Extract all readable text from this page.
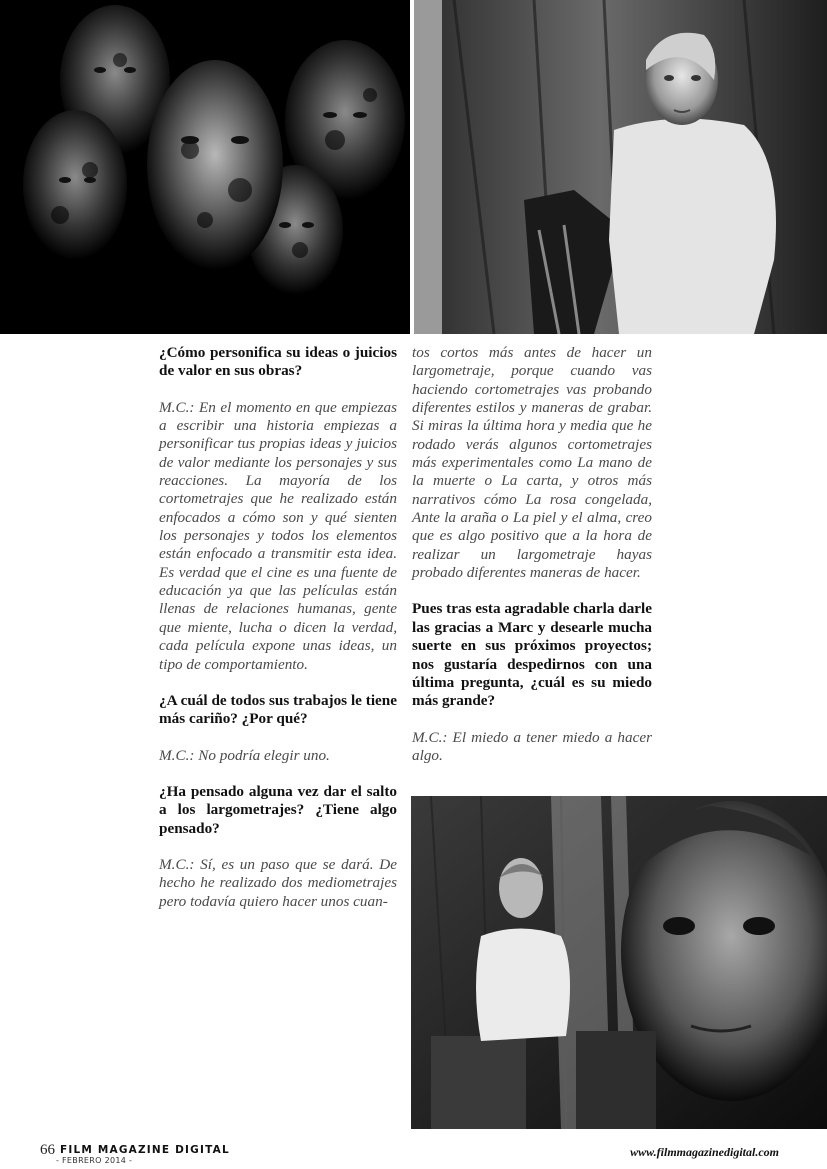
¿Cómo personifica su ideas o juicios de valor en sus obras?

M.C.: En el momento en que empiezas a escribir una historia empiezas a personificar tus propias ideas y juicios de valor mediante los personajes y sus reacciones. La mayoría de los cortometrajes que he realizado están enfocados a cómo son y qué sienten los personajes y todos los elementos están enfocado a transmitir esta idea. Es verdad que el cine es una fuente de educación ya que las películas están llenas de relaciones humanas, gente que miente, lucha o dicen la verdad, cada película expone unas ideas, un tipo de comportamiento.

¿A cuál de todos sus trabajos le tiene más cariño? ¿Por qué?

M.C.: No podría elegir uno.

¿Ha pensado alguna vez dar el salto a los largometrajes? ¿Tiene algo pensado?

M.C.: Sí, es un paso que se dará. De hecho he realizado dos mediometrajes pero todavía quiero hacer unos cuan-

tos cortos más antes de hacer un largometraje, porque cuando vas haciendo cortometrajes vas probando diferentes estilos y maneras de grabar. Si miras la última hora y media que he rodado verás algunos cortometrajes más experimentales como La mano de la muerte o La carta, y otros más narrativos cómo La rosa congelada, Ante la araña o La piel y el alma, creo que es algo positivo que a la hora de realizar un largometraje hayas probado diferentes maneras de hacer.

Pues tras esta agradable charla darle las gracias a Marc y desearle mucha suerte en sus próximos proyectos; nos gustaría despedirnos con una última pregunta, ¿cuál es su miedo más grande?

M.C.: El miedo a tener miedo a hacer algo.

66 FILM MAGAZINE DIGITAL
- FEBRERO 2014 -
www.filmmagazinedigital.com
